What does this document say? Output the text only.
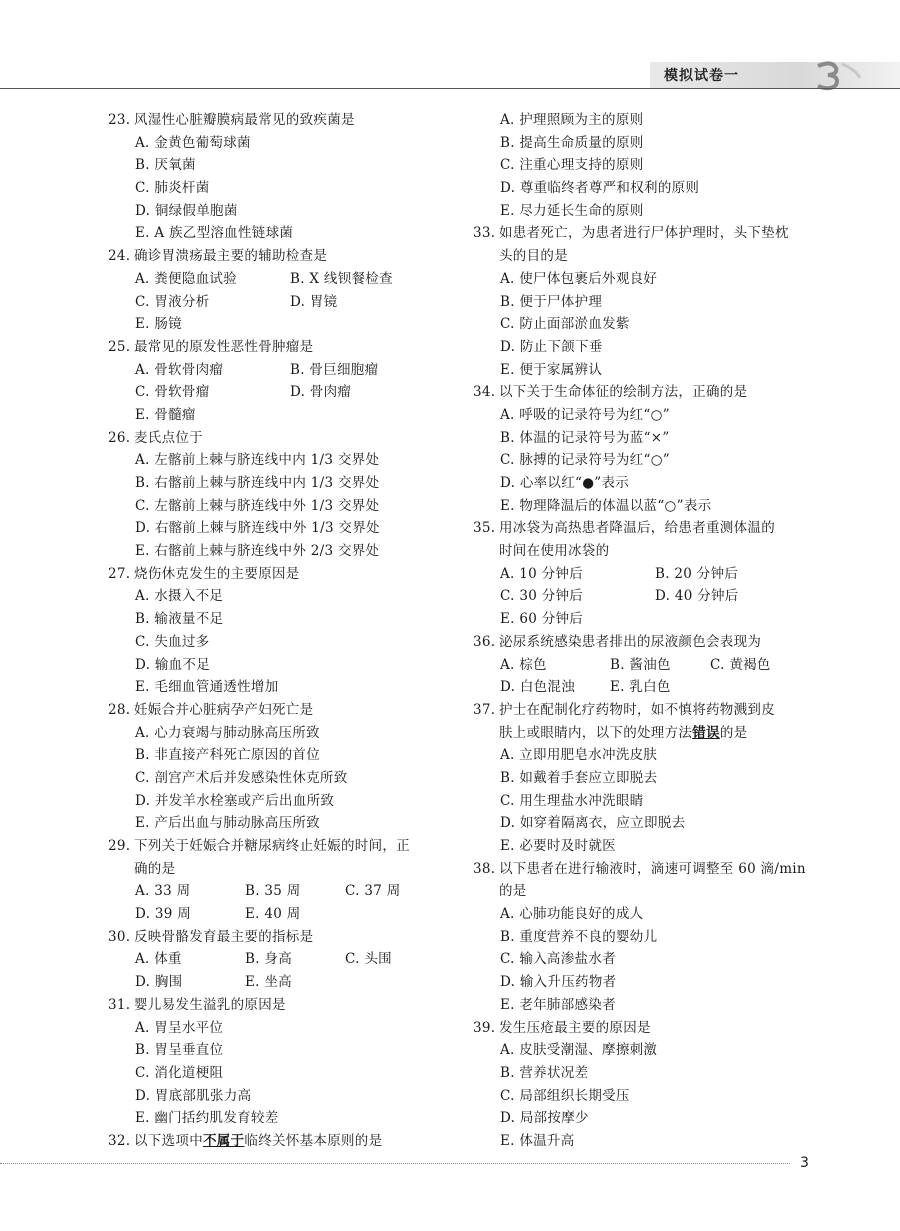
模拟试卷一
23. 风湿性心脏瓣膜病最常见的致疾菌是
A. 金黄色葡萄球菌
B. 厌氧菌
C. 肺炎杆菌
D. 铜绿假单胞菌
E. A 族乙型溶血性链球菌
24. 确诊胃溃疡最主要的辅助检查是
A. 粪便隐血试验	B. X 线钡餐检查
C. 胃液分析	D. 胃镜
E. 肠镜
25. 最常见的原发性恶性骨肿瘤是
A. 骨软骨肉瘤	B. 骨巨细胞瘤
C. 骨软骨瘤	D. 骨肉瘤
E. 骨髓瘤
26. 麦氏点位于
A. 左髂前上棘与脐连线中内 1/3 交界处
B. 右髂前上棘与脐连线中内 1/3 交界处
C. 左髂前上棘与脐连线中外 1/3 交界处
D. 右髂前上棘与脐连线中外 1/3 交界处
E. 右髂前上棘与脐连线中外 2/3 交界处
27. 烧伤休克发生的主要原因是
A. 水摄入不足
B. 输液量不足
C. 失血过多
D. 输血不足
E. 毛细血管通透性增加
28. 妊娠合并心脏病孕产妇死亡是
A. 心力衰竭与肺动脉高压所致
B. 非直接产科死亡原因的首位
C. 剖宫产术后并发感染性休克所致
D. 并发羊水栓塞或产后出血所致
E. 产后出血与肺动脉高压所致
29. 下列关于妊娠合并糖尿病终止妊娠的时间，正
确的是
A. 33 周	B. 35 周	C. 37 周
D. 39 周	E. 40 周
30. 反映骨骼发育最主要的指标是
A. 体重	B. 身高	C. 头围
D. 胸围	E. 坐高
31. 婴儿易发生溢乳的原因是
A. 胃呈水平位
B. 胃呈垂直位
C. 消化道梗阻
D. 胃底部肌张力高
E. 幽门括约肌发育较差
32. 以下选项中不属于临终关怀基本原则的是
A. 护理照顾为主的原则
B. 提高生命质量的原则
C. 注重心理支持的原则
D. 尊重临终者尊严和权利的原则
E. 尽力延长生命的原则
33. 如患者死亡，为患者进行尸体护理时，头下垫枕
头的目的是
A. 使尸体包裹后外观良好
B. 便于尸体护理
C. 防止面部淤血发紫
D. 防止下颌下垂
E. 便于家属辨认
34. 以下关于生命体征的绘制方法，正确的是
A. 呼吸的记录符号为红“○”
B. 体温的记录符号为蓝“×”
C. 脉搏的记录符号为红“○”
D. 心率以红“●”表示
E. 物理降温后的体温以蓝“○”表示
35. 用冰袋为高热患者降温后，给患者重测体温的
时间在使用冰袋的
A. 10 分钟后	B. 20 分钟后
C. 30 分钟后	D. 40 分钟后
E. 60 分钟后
36. 泌尿系统感染患者排出的尿液颜色会表现为
A. 棕色	B. 酱油色	C. 黄褐色
D. 白色混浊	E. 乳白色
37. 护士在配制化疗药物时，如不慎将药物溅到皮
肤上或眼睛内，以下的处理方法错误的是
A. 立即用肥皂水冲洗皮肤
B. 如戴着手套应立即脱去
C. 用生理盐水冲洗眼睛
D. 如穿着隔离衣，应立即脱去
E. 必要时及时就医
38. 以下患者在进行输液时，滴速可调整至 60 滴/min
的是
A. 心肺功能良好的成人
B. 重度营养不良的婴幼儿
C. 输入高渗盐水者
D. 输入升压药物者
E. 老年肺部感染者
39. 发生压疮最主要的原因是
A. 皮肤受潮湿、摩擦刺激
B. 营养状况差
C. 局部组织长期受压
D. 局部按摩少
E. 体温升高
3
